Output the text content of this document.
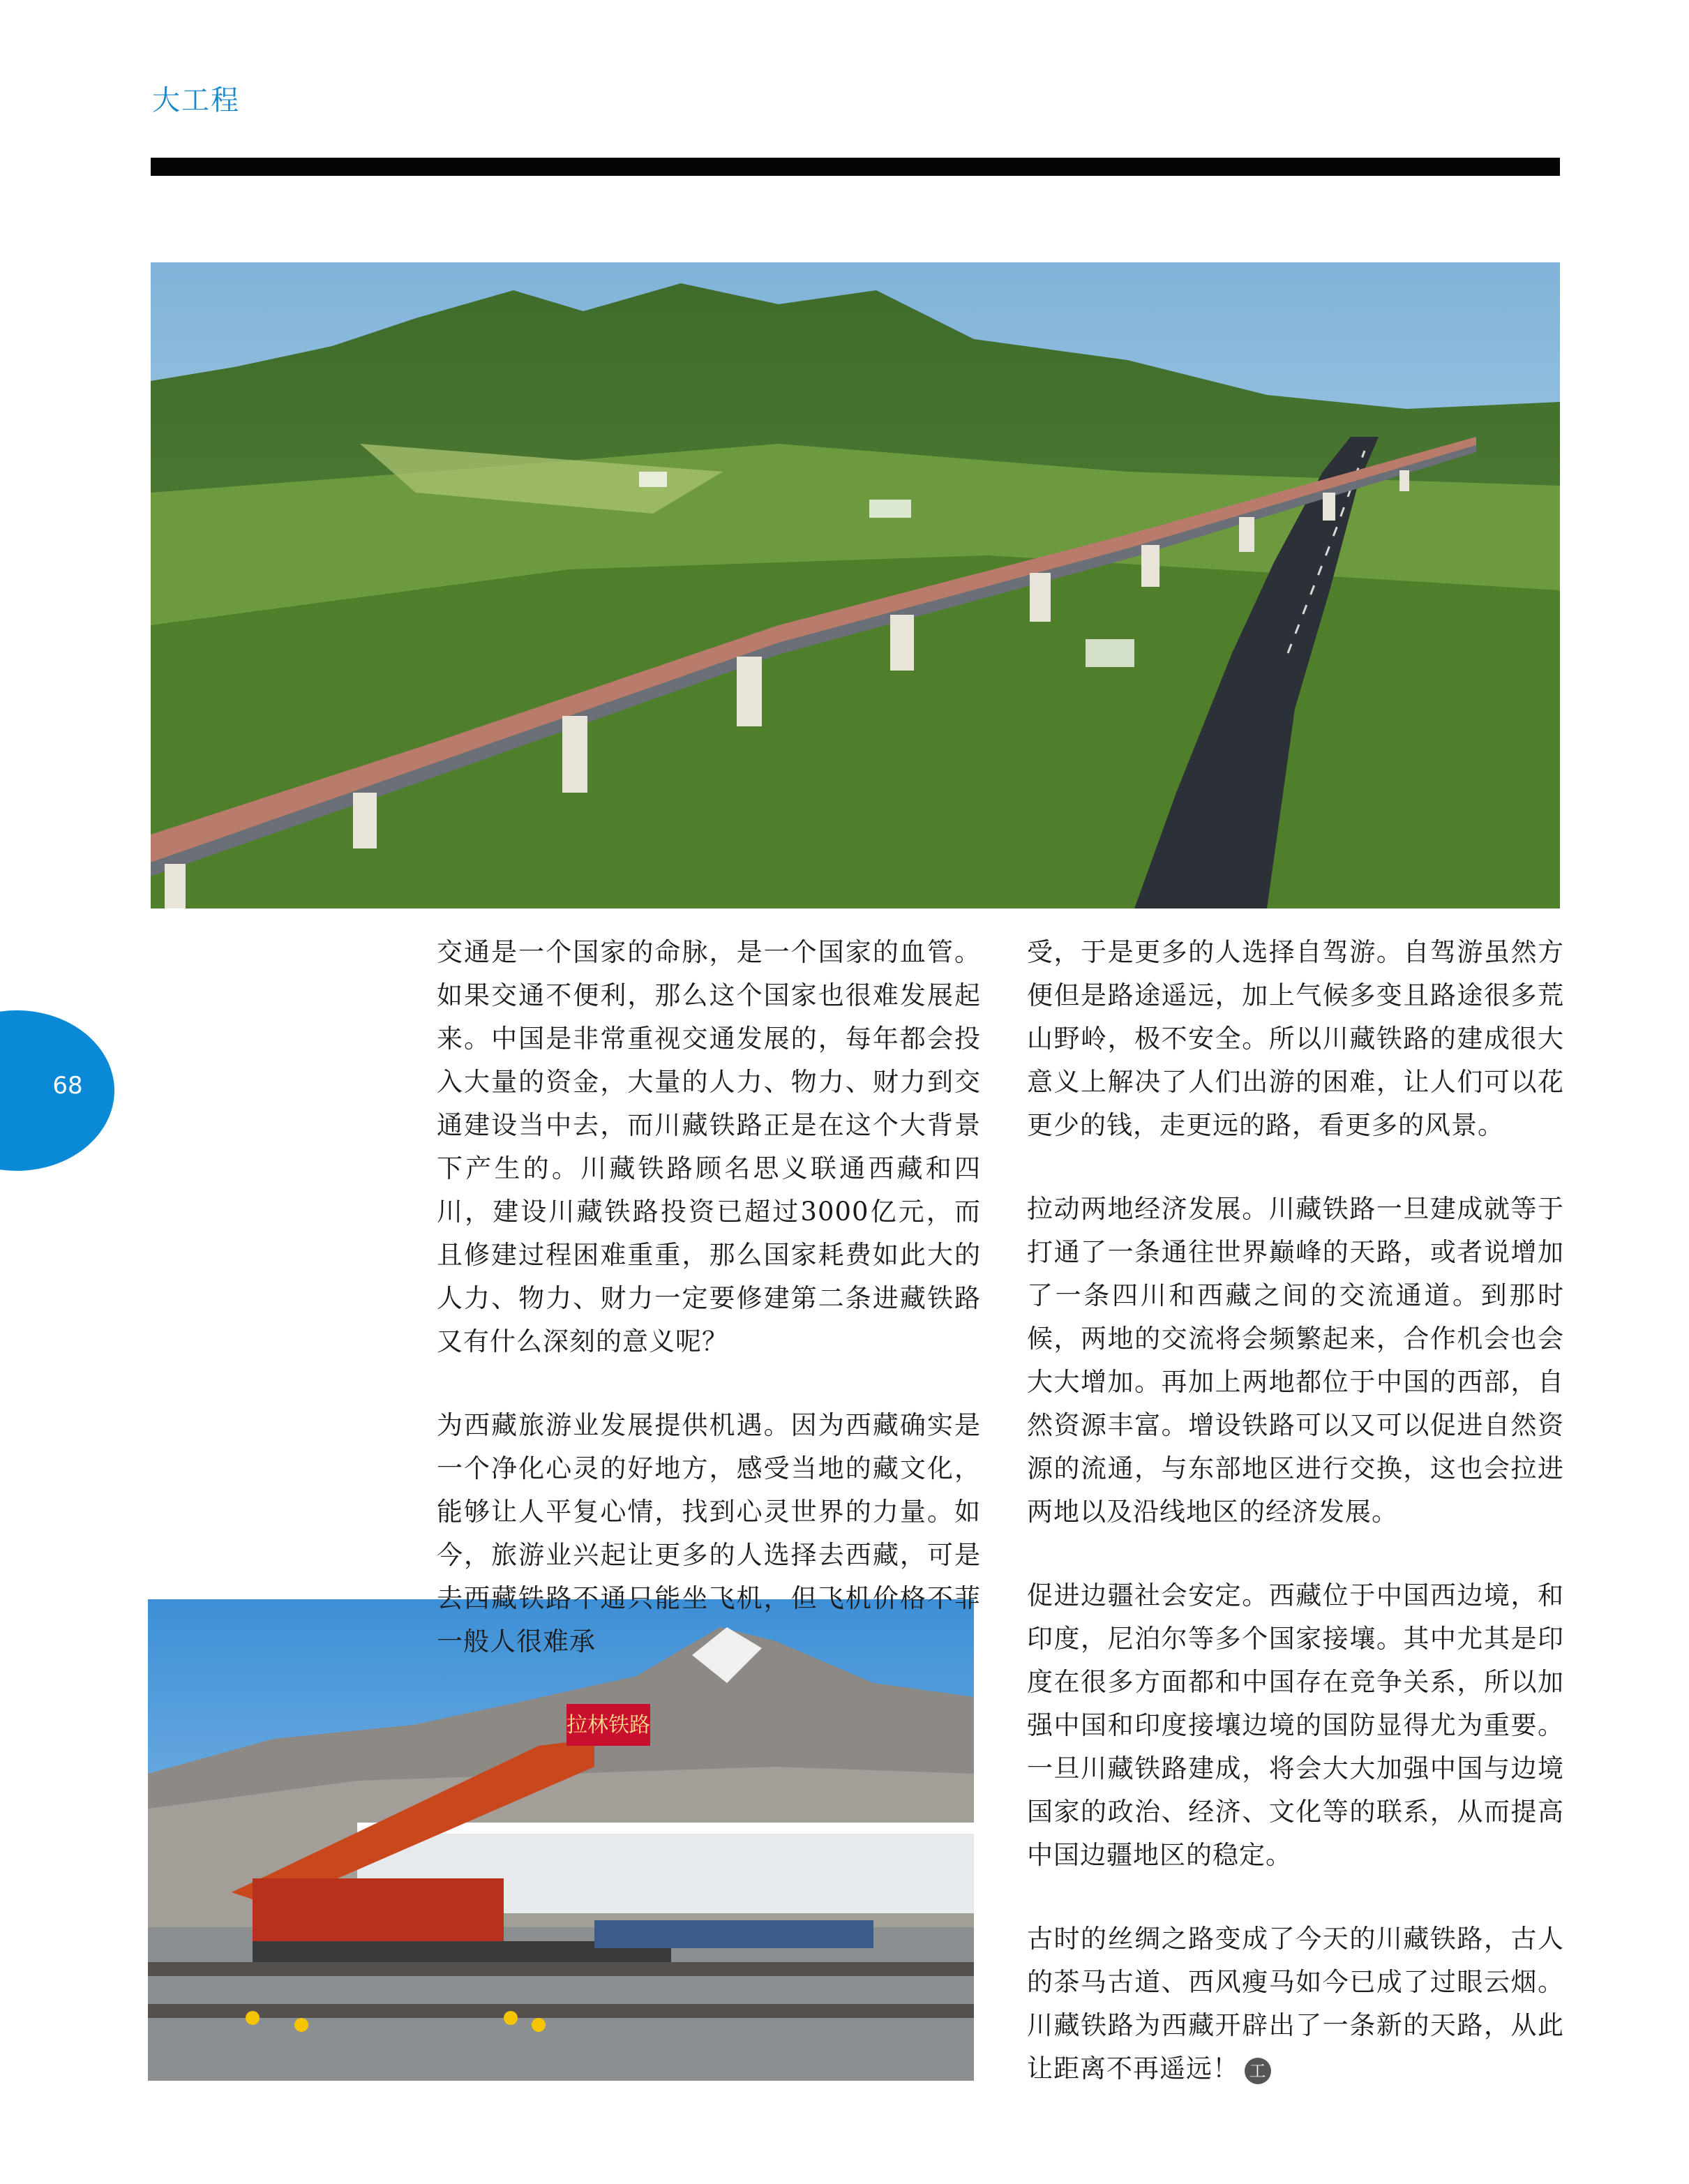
大工程
68
拉林铁路

交通是一个国家的命脉，是一个国家的血管。如果交通不便利，那么这个国家也很难发展起来。中国是非常重视交通发展的，每年都会投入大量的资金，大量的人力、物力、财力到交通建设当中去，而川藏铁路正是在这个大背景下产生的。川藏铁路顾名思义联通西藏和四川，建设川藏铁路投资已超过3000亿元，而且修建过程困难重重，那么国家耗费如此大的人力、物力、财力一定要修建第二条进藏铁路又有什么深刻的意义呢？

为西藏旅游业发展提供机遇。因为西藏确实是一个净化心灵的好地方，感受当地的藏文化，能够让人平复心情，找到心灵世界的力量。如今，旅游业兴起让更多的人选择去西藏，可是去西藏铁路不通只能坐飞机，但飞机价格不菲一般人很难承

受，于是更多的人选择自驾游。自驾游虽然方便但是路途遥远，加上气候多变且路途很多荒山野岭，极不安全。所以川藏铁路的建成很大意义上解决了人们出游的困难，让人们可以花更少的钱，走更远的路，看更多的风景。

拉动两地经济发展。川藏铁路一旦建成就等于打通了一条通往世界巅峰的天路，或者说增加了一条四川和西藏之间的交流通道。到那时候，两地的交流将会频繁起来，合作机会也会大大增加。再加上两地都位于中国的西部，自然资源丰富。增设铁路可以又可以促进自然资源的流通，与东部地区进行交换，这也会拉进两地以及沿线地区的经济发展。

促进边疆社会安定。西藏位于中国西边境，和印度，尼泊尔等多个国家接壤。其中尤其是印度在很多方面都和中国存在竞争关系，所以加强中国和印度接壤边境的国防显得尤为重要。一旦川藏铁路建成，将会大大加强中国与边境国家的政治、经济、文化等的联系，从而提高中国边疆地区的稳定。

古时的丝绸之路变成了今天的川藏铁路，古人的茶马古道、西风瘦马如今已成了过眼云烟。川藏铁路为西藏开辟出了一条新的天路，从此让距离不再遥远！ 工
